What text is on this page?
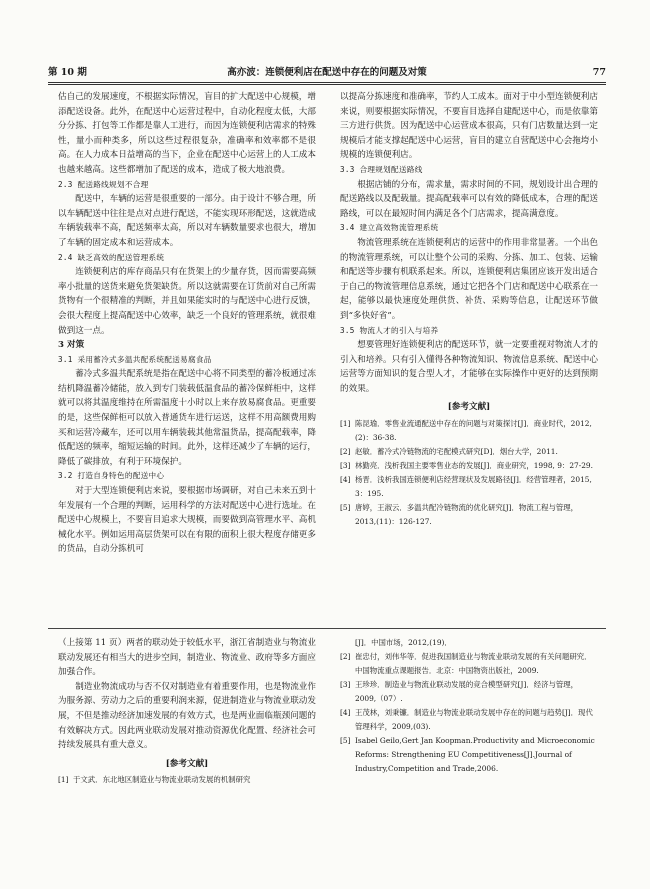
第 10 期	高亦波：连锁便利店在配送中存在的问题及对策	77

估自己的发展速度，不根据实际情况，盲目的扩大配送中心规模，增添配送设备。此外，在配送中心运营过程中，自动化程度太低，大部分分拣、打包等工作都是靠人工进行，而因为连锁便利店需求的特殊性，量小而种类多，所以这些过程很复杂，准确率和效率都不是很高。在人力成本日益增高的当下，企业在配送中心运营上的人工成本也越来越高。这些都增加了配送的成本，造成了极大地浪费。

2.3 配送路线规划不合理

配送中，车辆的运营是很重要的一部分。由于设计不够合理，所以车辆配送中往往是点对点进行配送，不能实现环形配送，这就造成车辆装载率不高，配送频率太高，所以对车辆数量要求也很大，增加了车辆的固定成本和运营成本。

2.4 缺乏高效的配送管理系统

连锁便利店的库存商品只有在货架上的少量存货，因而需要高频率小批量的送货来避免货架缺货。所以这就需要在订货前对自己所需货物有一个很精准的判断，并且如果能实时的与配送中心进行反馈，会很大程度上提高配送中心效率，缺乏一个良好的管理系统，就很难做到这一点。

3 对策
3.1 采用蓄冷式多温共配系统配送易腐食品

蓄冷式多温共配系统是指在配送中心将不同类型的蓄冷板通过冻结机降温蓄冷储能，放入到专门装载低温食品的蓄冷保鲜柜中，这样就可以将其温度维持在所需温度十小时以上来存放易腐食品。更重要的是，这些保鲜柜可以放入普通货车进行运送，这样不用高额费用购买和运营冷藏车，还可以用车辆装载其他常温货品，提高配载率，降低配送的频率，缩短运输的时间。此外，这样还减少了车辆的运行，降低了碳排放，有利于环境保护。

3.2 打造自身特色的配送中心

对于大型连锁便利店来说，要根据市场调研，对自己未来五到十年发展有一个合理的判断，运用科学的方法对配送中心进行选址。在配送中心规模上，不要盲目追求大规模，而要做到高管理水平、高机械化水平。例如运用高层货架可以在有限的面积上很大程度存储更多的货品，自动分拣机可

以提高分拣速度和准确率，节约人工成本。面对于中小型连锁便利店来说，则要根据实际情况，不要盲目选择自建配送中心，而是依靠第三方进行供货。因为配送中心运营成本很高，只有门店数量达到一定规模后才能支撑起配送中心运营，盲目的建立自营配送中心会拖垮小规模的连锁便利店。

3.3 合理规划配送路线

根据店铺的分布，需求量，需求时间的不同，规划设计出合理的配送路线以及配载量。提高配载率可以有效的降低成本，合理的配送路线，可以在最短时间内满足各个门店需求，提高满意度。

3.4 建立高效物流管理系统

物流管理系统在连锁便利店的运营中的作用非常显著。一个出色的物流管理系统，可以让整个公司的采购、分拣、加工、包装、运输和配送等步骤有机联系起来。所以，连锁便利店集团应该开发出适合于自己的物流管理信息系统，通过它把各个门店和配送中心联系在一起，能够以最快速度处理供货、补货、采购等信息，让配送环节做到“多快好省”。

3.5 物流人才的引入与培养

想要管理好连锁便利店的配送环节，就一定要重视对物流人才的引入和培养。只有引入懂得各种物流知识、物流信息系统、配送中心运营等方面知识的复合型人才，才能够在实际操作中更好的达到预期的效果。

[参考文献]

[1] 陈昆瑜．零售业流通配送中存在的问题与对策探讨[J]．商业时代，2012,(2)：36-38.
[2] 赵敏．蓄冷式冷链物流的宅配模式研究[D]．烟台大学，2011.
[3] 林勤亮．浅析我国主要零售业态的发展[J]．商业研究，1998, 9：27-29.
[4] 杨晋．浅析我国连锁便利店经营现状及发展路径[J]．经营管理者，2015, 3：195.
[5] 唐婷，王淑云．多温共配冷链物流的优化研究[J]．物流工程与管理，2013,(11)：126-127.

（上接第 11 页）两者的联动处于较低水平，浙江省制造业与物流业联动发展还有相当大的进步空间，制造业、物流业、政府等多方面应加强合作。

制造业物流成功与否不仅对制造业有着重要作用，也是物流业作为服务源、劳动力之后的重要利润来源，促进制造业与物流业联动发展，不但是推动经济加速发展的有效方式，也是两业面临瓶颈问题的有效解决方式。因此两业联动发展对推动资源优化配置、经济社会可持续发展具有重大意义。

[参考文献]

[1] 于文武．东北地区制造业与物流业联动发展的机制研究
[J]．中国市场，2012,(19)．
[2] 崔忠付，刘伟华等．促进我国制造业与物流业联动发展的有关问题研究．中国物流重点课题报告．北京：中国物资出版社，2009.
[3] 王珍珍．制造业与物流业联动发展的竞合模型研究[J]．经济与管理，2009,（07）.
[4] 王茂林，刘秉镰．制造业与物流业联动发展中存在的问题与趋势[J]．现代管理科学，2009,(03).
[5] Isabel Geilo,Gert Jan Koopman.Productivity and Microeconomic Reforms: Strengthening EU Competitiveness[J].Journal of Industry,Competition and Trade,2006.
